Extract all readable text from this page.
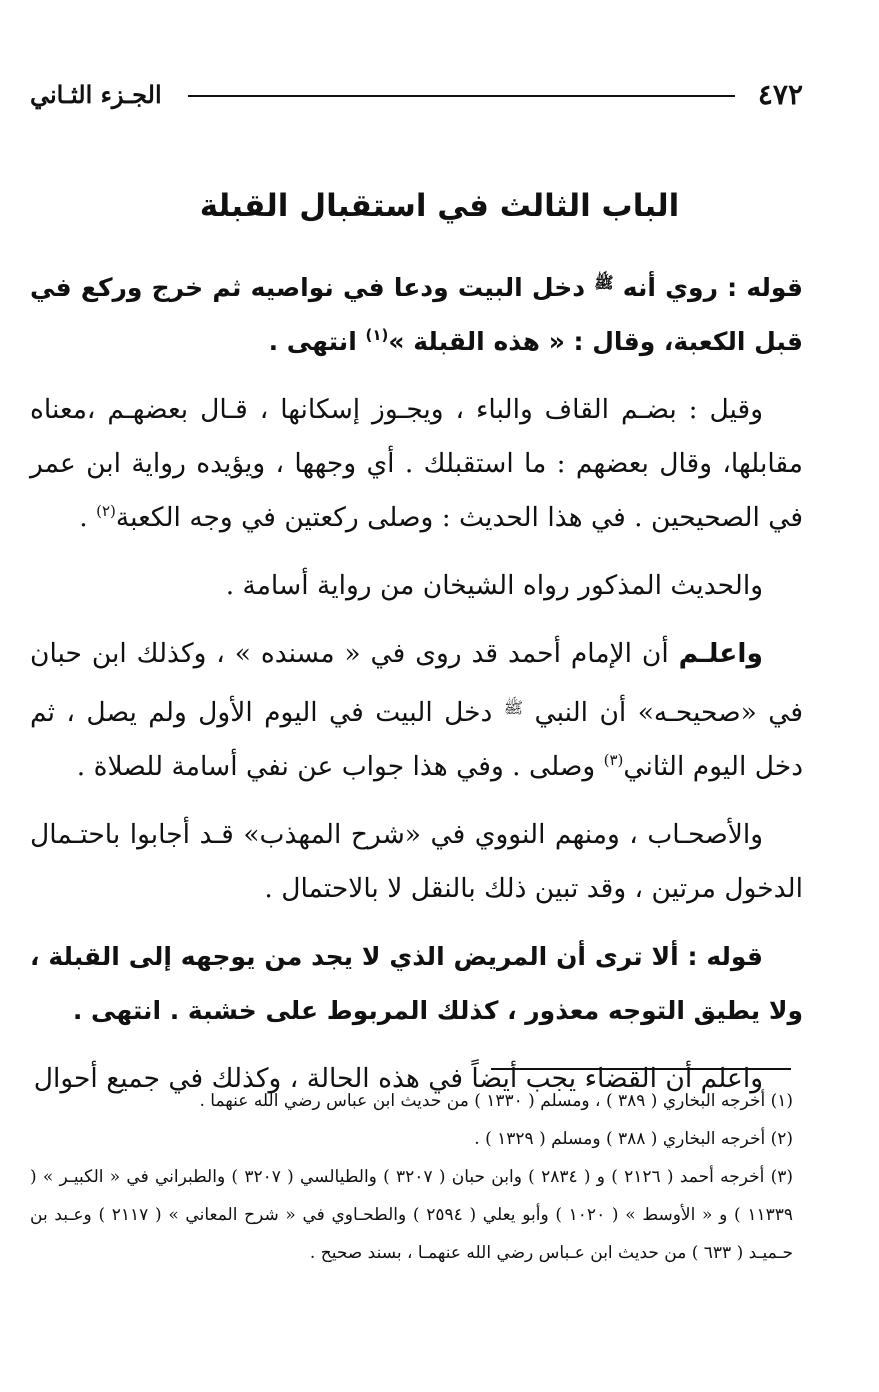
٤٧٢
الجـزء الثـاني
الباب الثالث في استقبال القبلة

قوله : روي أنه $^ﷺ$ دخل البيت ودعا في نواصيه ثم خرج وركع في قبل الكعبة، وقال : « هذه القبلة »$^{(١)}$ انتهى .

وقيل : بضـم القاف والباء ، ويجـوز إسكانها ، قـال بعضهـم ،معناه مقابلها، وقال بعضهم : ما استقبلك . أي وجهها ، ويؤيده رواية ابن عمر في الصحيحين . في هذا الحديث : وصلى ركعتين في وجه الكعبة$^{(٢)}$ .

والحديث المذكور رواه الشيخان من رواية أسامة .

واعلـم أن الإمام أحمد قد روى في « مسنده » ، وكذلك ابن حبان في «صحيحـه» أن النبي $^ﷺ$ دخل البيت في اليوم الأول ولم يصل ، ثم دخل اليوم الثاني$^{(٣)}$ وصلى . وفي هذا جواب عن نفي أسامة للصلاة .

والأصحـاب ، ومنهم النووي في «شرح المهذب» قـد أجابوا باحتـمال الدخول مرتين ، وقد تبين ذلك بالنقل لا بالاحتمال .

قوله : ألا ترى أن المريض الذي لا يجد من يوجهه إلى القبلة ، ولا يطيق التوجه معذور ، كذلك المربوط على خشبة . انتهى .

واعلم أن القضاء يجب أيضاً في هذه الحالة ، وكذلك في جميع أحوال

(١) أخرجه البخاري ( ٣٨٩ ) ، ومسلم ( ١٣٣٠ ) من حديث ابن عباس رضي الله عنهما .

(٢) أخرجه البخاري ( ٣٨٨ ) ومسلم ( ١٣٢٩ ) .

(٣) أخرجه أحمد ( ٢١٢٦ ) و ( ٢٨٣٤ ) وابن حبان ( ٣٢٠٧ ) والطيالسي ( ٣٢٠٧ ) والطبراني في « الكبيـر » ( ١١٣٣٩ ) و « الأوسط » ( ١٠٢٠ ) وأبو يعلي ( ٢٥٩٤ ) والطحـاوي في « شرح المعاني » ( ٢١١٧ ) وعـبد بن حـميـد ( ٦٣٣ ) من حديث ابن عـباس رضي الله عنهمـا ، بسند صحيح .
